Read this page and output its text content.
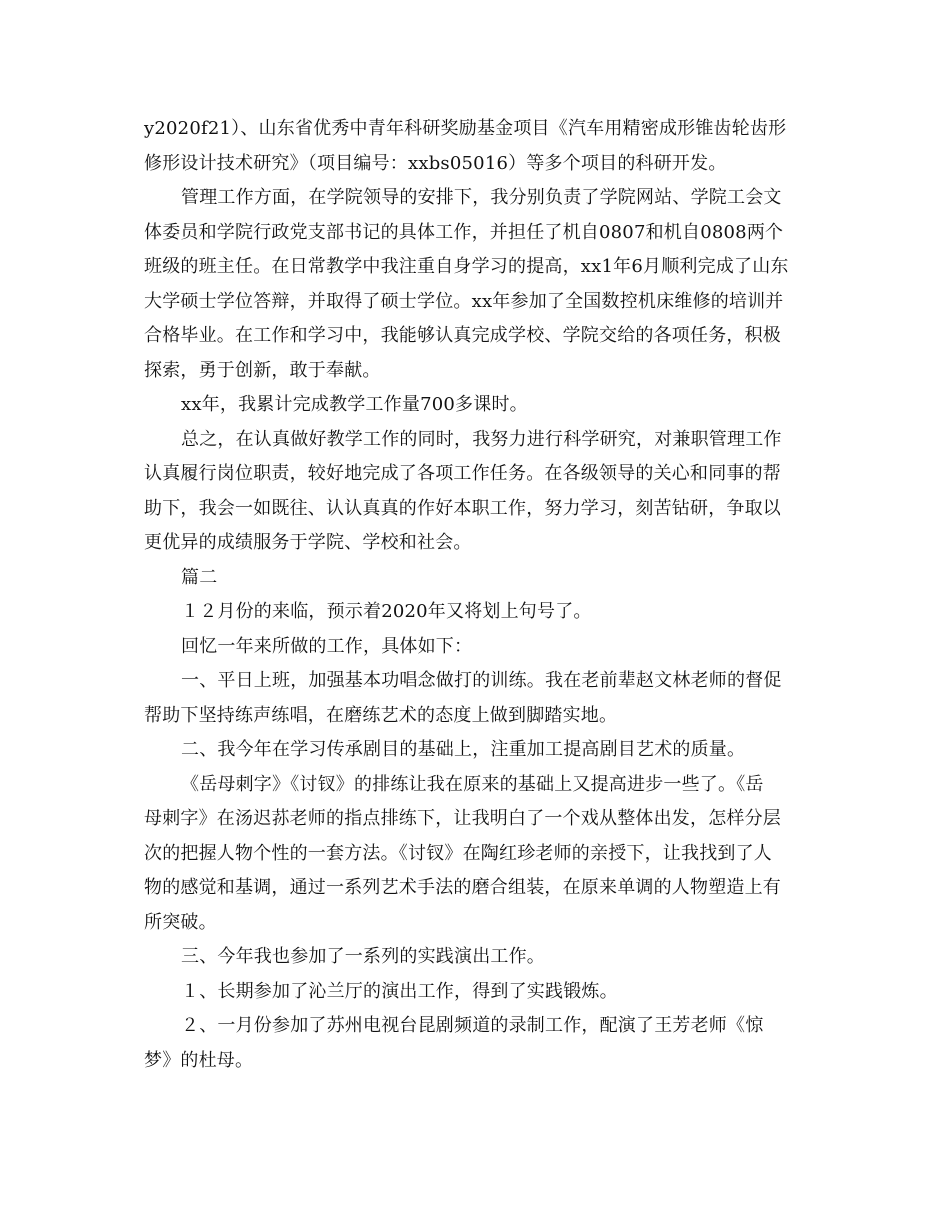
y2020f21）、山东省优秀中青年科研奖励基金项目《汽车用精密成形锥齿轮齿形
修形设计技术研究》（项目编号：xxbs05016）等多个项目的科研开发。
管理工作方面，在学院领导的安排下，我分别负责了学院网站、学院工会文
体委员和学院行政党支部书记的具体工作，并担任了机自0807和机自0808两个
班级的班主任。在日常教学中我注重自身学习的提高，xx1年6月顺利完成了山东
大学硕士学位答辩，并取得了硕士学位。xx年参加了全国数控机床维修的培训并
合格毕业。在工作和学习中，我能够认真完成学校、学院交给的各项任务，积极
探索，勇于创新，敢于奉献。
xx年，我累计完成教学工作量700多课时。
总之，在认真做好教学工作的同时，我努力进行科学研究，对兼职管理工作
认真履行岗位职责，较好地完成了各项工作任务。在各级领导的关心和同事的帮
助下，我会一如既往、认认真真的作好本职工作，努力学习，刻苦钻研，争取以
更优异的成绩服务于学院、学校和社会。
篇二
１２月份的来临，预示着2020年又将划上句号了。
回忆一年来所做的工作，具体如下：
一、平日上班，加强基本功唱念做打的训练。我在老前辈赵文林老师的督促
帮助下坚持练声练唱，在磨练艺术的态度上做到脚踏实地。
二、我今年在学习传承剧目的基础上，注重加工提高剧目艺术的质量。
《岳母刺字》《讨钗》的排练让我在原来的基础上又提高进步一些了。《岳
母刺字》在汤迟荪老师的指点排练下，让我明白了一个戏从整体出发，怎样分层
次的把握人物个性的一套方法。《讨钗》在陶红珍老师的亲授下，让我找到了人
物的感觉和基调，通过一系列艺术手法的磨合组装，在原来单调的人物塑造上有
所突破。
三、今年我也参加了一系列的实践演出工作。
１、长期参加了沁兰厅的演出工作，得到了实践锻炼。
２、一月份参加了苏州电视台昆剧频道的录制工作，配演了王芳老师《惊
梦》的杜母。
